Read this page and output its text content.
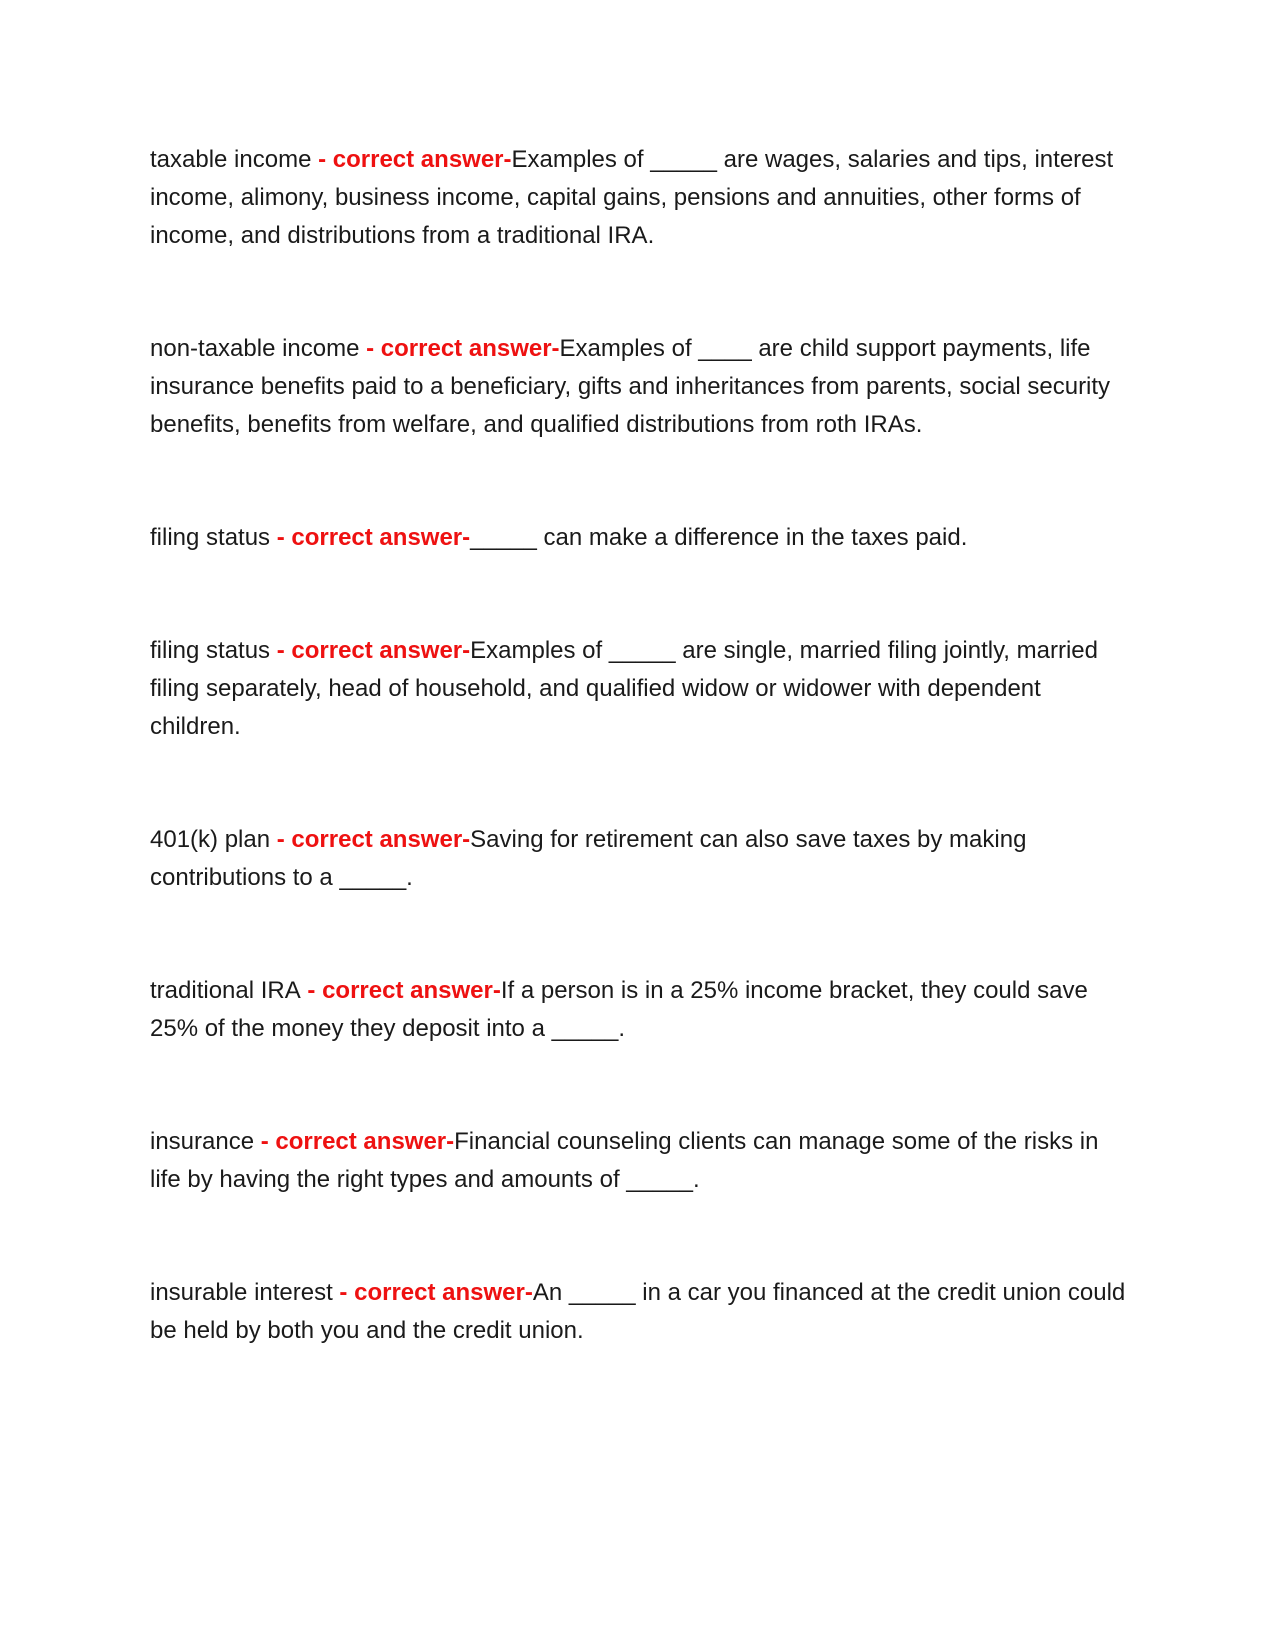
taxable income - correct answer-Examples of _____ are wages, salaries and tips, interest income, alimony, business income, capital gains, pensions and annuities, other forms of income, and distributions from a traditional IRA.

non-taxable income - correct answer-Examples of ____ are child support payments, life insurance benefits paid to a beneficiary, gifts and inheritances from parents, social security benefits, benefits from welfare, and qualified distributions from roth IRAs.

filing status - correct answer-_____ can make a difference in the taxes paid.

filing status - correct answer-Examples of _____ are single, married filing jointly, married filing separately, head of household, and qualified widow or widower with dependent children.

401(k) plan - correct answer-Saving for retirement can also save taxes by making contributions to a _____.

traditional IRA - correct answer-If a person is in a 25% income bracket, they could save 25% of the money they deposit into a _____.

insurance - correct answer-Financial counseling clients can manage some of the risks in life by having the right types and amounts of _____.

insurable interest - correct answer-An _____ in a car you financed at the credit union could be held by both you and the credit union.
